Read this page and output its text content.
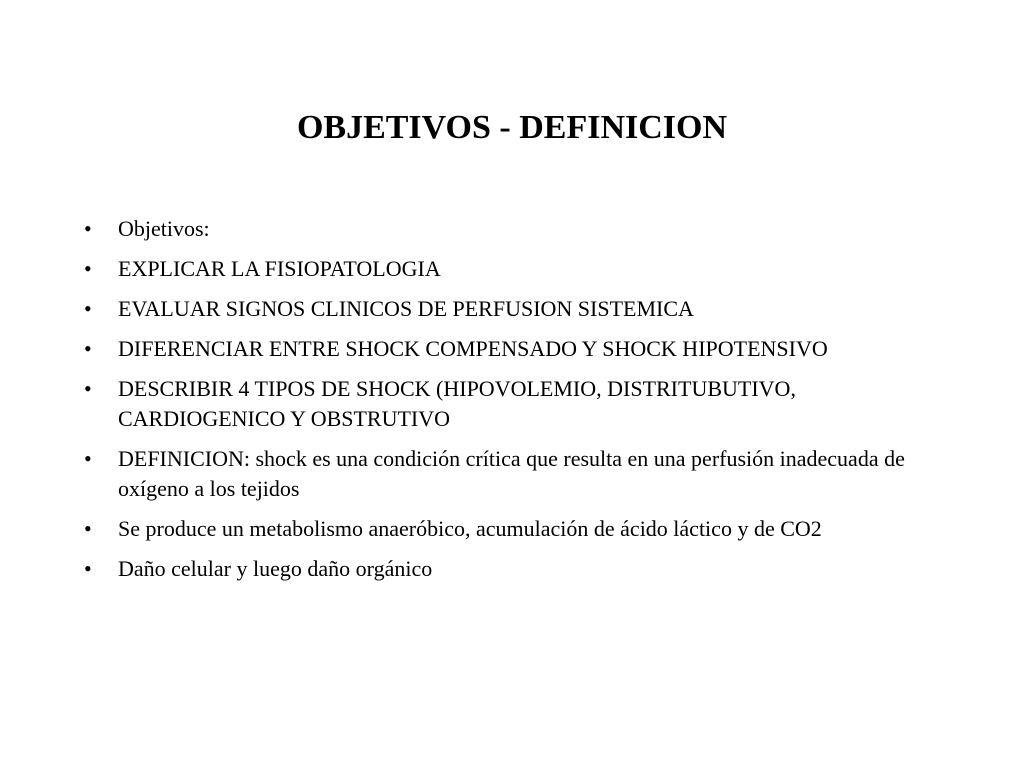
OBJETIVOS - DEFINICION
•	Objetivos:
•	EXPLICAR LA FISIOPATOLOGIA
•	EVALUAR SIGNOS CLINICOS DE PERFUSION SISTEMICA
•	DIFERENCIAR ENTRE SHOCK COMPENSADO Y SHOCK HIPOTENSIVO
•	DESCRIBIR 4 TIPOS DE SHOCK (HIPOVOLEMIO, DISTRITUBUTIVO, CARDIOGENICO Y OBSTRUTIVO
•	DEFINICION: shock es una condición crítica que resulta en una perfusión inadecuada de oxígeno a los tejidos
•	Se produce un metabolismo anaeróbico, acumulación de ácido láctico y de CO2
•	Daño celular y luego daño orgánico
